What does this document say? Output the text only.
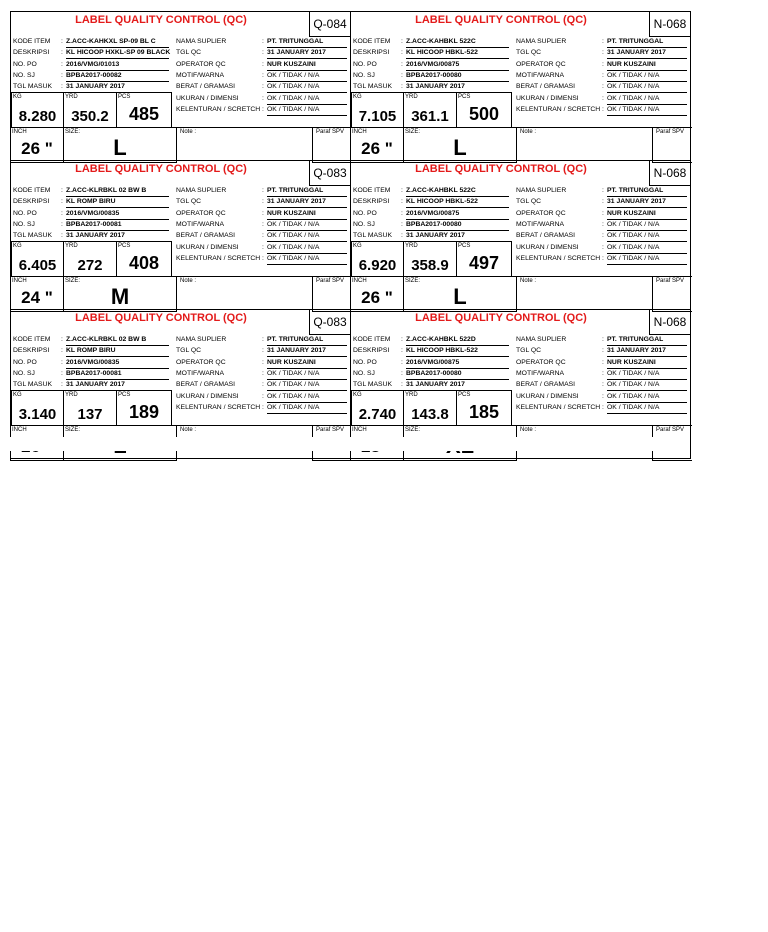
LABEL QUALITY CONTROL (QC)	Q-084
KODE ITEM	: Z.ACC-KAHKXL SP-09 BL C
DESKRIPSI	: KL HICOOP HXKL-SP 09 BLACK
NO. PO	: 2016/VMG/01013
NO. SJ	: BPBA2017-00082
TGL MASUK	: 31 JANUARY 2017
NAMA SUPLIER	: PT. TRITUNGGAL
TGL QC	: 31 JANUARY 2017
OPERATOR QC	: NUR KUSZAINI
MOTIF/WARNA	: OK / TIDAK / N/A
BERAT / GRAMASI	: OK / TIDAK / N/A
UKURAN / DIMENSI	: OK / TIDAK / N/A
KELENTURAN / SCRETCH : OK / TIDAK / N/A
KG
8.280
YRD
350.2
PCS
485
INCH
26 "
SIZE:
L
Note :	Paraf SPV
LABEL QUALITY CONTROL (QC)	N-068
KODE ITEM	: Z.ACC-KAHBKL 522C
DESKRIPSI	: KL HICOOP HBKL-522
NO. PO	: 2016/VMG/00875
NO. SJ	: BPBA2017-00080
TGL MASUK	: 31 JANUARY 2017
NAMA SUPLIER	: PT. TRITUNGGAL
TGL QC	: 31 JANUARY 2017
OPERATOR QC	: NUR KUSZAINI
MOTIF/WARNA	: OK / TIDAK / N/A
BERAT / GRAMASI	: OK / TIDAK / N/A
UKURAN / DIMENSI	: OK / TIDAK / N/A
KELENTURAN / SCRETCH : OK / TIDAK / N/A
KG
7.105
YRD
361.1
PCS
500
INCH
26 "
SIZE:
L
Note :	Paraf SPV
LABEL QUALITY CONTROL (QC)	Q-083
KODE ITEM	: Z.ACC-KLRBKL 02 BW B
DESKRIPSI	: KL ROMP BIRU
NO. PO	: 2016/VMG/00835
NO. SJ	: BPBA2017-00081
TGL MASUK	: 31 JANUARY 2017
NAMA SUPLIER	: PT. TRITUNGGAL
TGL QC	: 31 JANUARY 2017
OPERATOR QC	: NUR KUSZAINI
MOTIF/WARNA	: OK / TIDAK / N/A
BERAT / GRAMASI	: OK / TIDAK / N/A
UKURAN / DIMENSI	: OK / TIDAK / N/A
KELENTURAN / SCRETCH : OK / TIDAK / N/A
KG
6.405
YRD
272
PCS
408
INCH
24 "
SIZE:
M
Note :	Paraf SPV
LABEL QUALITY CONTROL (QC)	N-068
KODE ITEM	: Z.ACC-KAHBKL 522C
DESKRIPSI	: KL HICOOP HBKL-522
NO. PO	: 2016/VMG/00875
NO. SJ	: BPBA2017-00080
TGL MASUK	: 31 JANUARY 2017
NAMA SUPLIER	: PT. TRITUNGGAL
TGL QC	: 31 JANUARY 2017
OPERATOR QC	: NUR KUSZAINI
MOTIF/WARNA	: OK / TIDAK / N/A
BERAT / GRAMASI	: OK / TIDAK / N/A
UKURAN / DIMENSI	: OK / TIDAK / N/A
KELENTURAN / SCRETCH : OK / TIDAK / N/A
KG
6.920
YRD
358.9
PCS
497
INCH
26 "
SIZE:
L
Note :	Paraf SPV
LABEL QUALITY CONTROL (QC)	Q-083
KODE ITEM	: Z.ACC-KLRBKL 02 BW B
DESKRIPSI	: KL ROMP BIRU
NO. PO	: 2016/VMG/00835
NO. SJ	: BPBA2017-00081
TGL MASUK	: 31 JANUARY 2017
NAMA SUPLIER	: PT. TRITUNGGAL
TGL QC	: 31 JANUARY 2017
OPERATOR QC	: NUR KUSZAINI
MOTIF/WARNA	: OK / TIDAK / N/A
BERAT / GRAMASI	: OK / TIDAK / N/A
UKURAN / DIMENSI	: OK / TIDAK / N/A
KELENTURAN / SCRETCH : OK / TIDAK / N/A
KG
3.140
YRD
137
PCS
189
INCH	SIZE:	Note :	Paraf SPV
LABEL QUALITY CONTROL (QC)	N-068
KODE ITEM	: Z.ACC-KAHBKL 522D
DESKRIPSI	: KL HICOOP HBKL-522
NO. PO	: 2016/VMG/00875
NO. SJ	: BPBA2017-00080
TGL MASUK	: 31 JANUARY 2017
NAMA SUPLIER	: PT. TRITUNGGAL
TGL QC	: 31 JANUARY 2017
OPERATOR QC	: NUR KUSZAINI
MOTIF/WARNA	: OK / TIDAK / N/A
BERAT / GRAMASI	: OK / TIDAK / N/A
UKURAN / DIMENSI	: OK / TIDAK / N/A
KELENTURAN / SCRETCH : OK / TIDAK / N/A
KG
2.740
YRD
143.8
PCS
185
INCH	SIZE:	Note :	Paraf SPV
